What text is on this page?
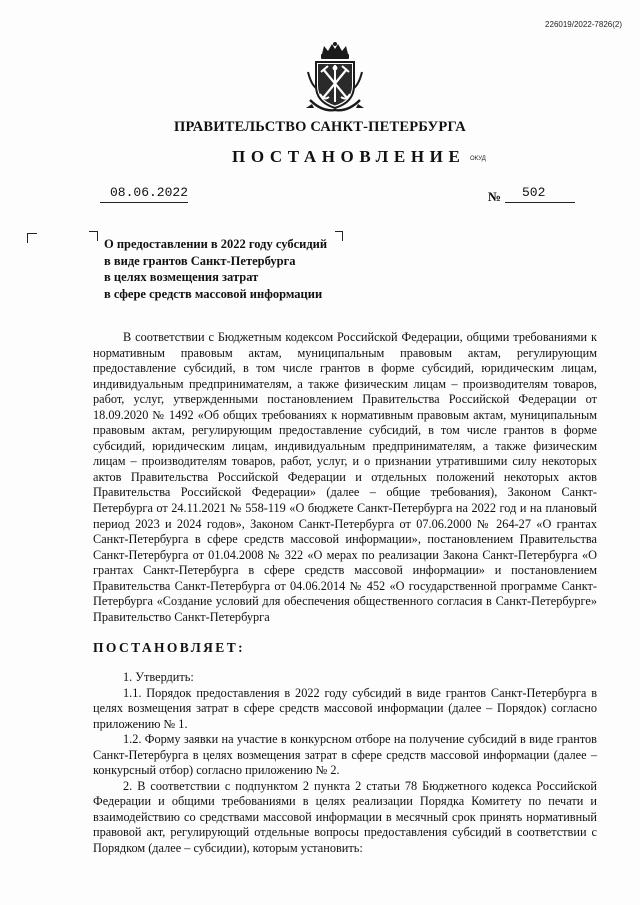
226019/2022-7826(2)
ПРАВИТЕЛЬСТВО САНКТ-ПЕТЕРБУРГА
ПОСТАНОВЛЕНИЕ ОКУД
08.06.2022	№ 502
О предоставлении в 2022 году субсидий
в виде грантов Санкт-Петербурга
в целях возмещения затрат
в сфере средств массовой информации

В соответствии с Бюджетным кодексом Российской Федерации, общими требованиями к нормативным правовым актам, муниципальным правовым актам, регулирующим предоставление субсидий, в том числе грантов в форме субсидий, юридическим лицам, индивидуальным предпринимателям, а также физическим лицам – производителям товаров, работ, услуг, утвержденными постановлением Правительства Российской Федерации от 18.09.2020 № 1492 «Об общих требованиях к нормативным правовым актам, муниципальным правовым актам, регулирующим предоставление субсидий, в том числе грантов в форме субсидий, юридическим лицам, индивидуальным предпринимателям, а также физическим лицам – производителям товаров, работ, услуг, и о признании утратившими силу некоторых актов Правительства Российской Федерации и отдельных положений некоторых актов Правительства Российской Федерации» (далее – общие требования), Законом Санкт-Петербурга от 24.11.2021 № 558-119 «О бюджете Санкт-Петербурга на 2022 год и на плановый период 2023 и 2024 годов», Законом Санкт-Петербурга от 07.06.2000 № 264-27 «О грантах Санкт-Петербурга в сфере средств массовой информации», постановлением Правительства Санкт-Петербурга от 01.04.2008 № 322 «О мерах по реализации Закона Санкт-Петербурга «О грантах Санкт-Петербурга в сфере средств массовой информации» и постановлением Правительства Санкт-Петербурга от 04.06.2014 № 452 «О государственной программе Санкт-Петербурга «Создание условий для обеспечения общественного согласия в Санкт-Петербурге» Правительство Санкт-Петербурга

ПОСТАНОВЛЯЕТ:

1. Утвердить:

1.1. Порядок предоставления в 2022 году субсидий в виде грантов Санкт-Петербурга в целях возмещения затрат в сфере средств массовой информации (далее – Порядок) согласно приложению № 1.

1.2. Форму заявки на участие в конкурсном отборе на получение субсидий в виде грантов Санкт-Петербурга в целях возмещения затрат в сфере средств массовой информации (далее – конкурсный отбор) согласно приложению № 2.

2. В соответствии с подпунктом 2 пункта 2 статьи 78 Бюджетного кодекса Российской Федерации и общими требованиями в целях реализации Порядка Комитету по печати и взаимодействию со средствами массовой информации в месячный срок принять нормативный правовой акт, регулирующий отдельные вопросы предоставления субсидий в соответствии с Порядком (далее – субсидии), которым установить:
